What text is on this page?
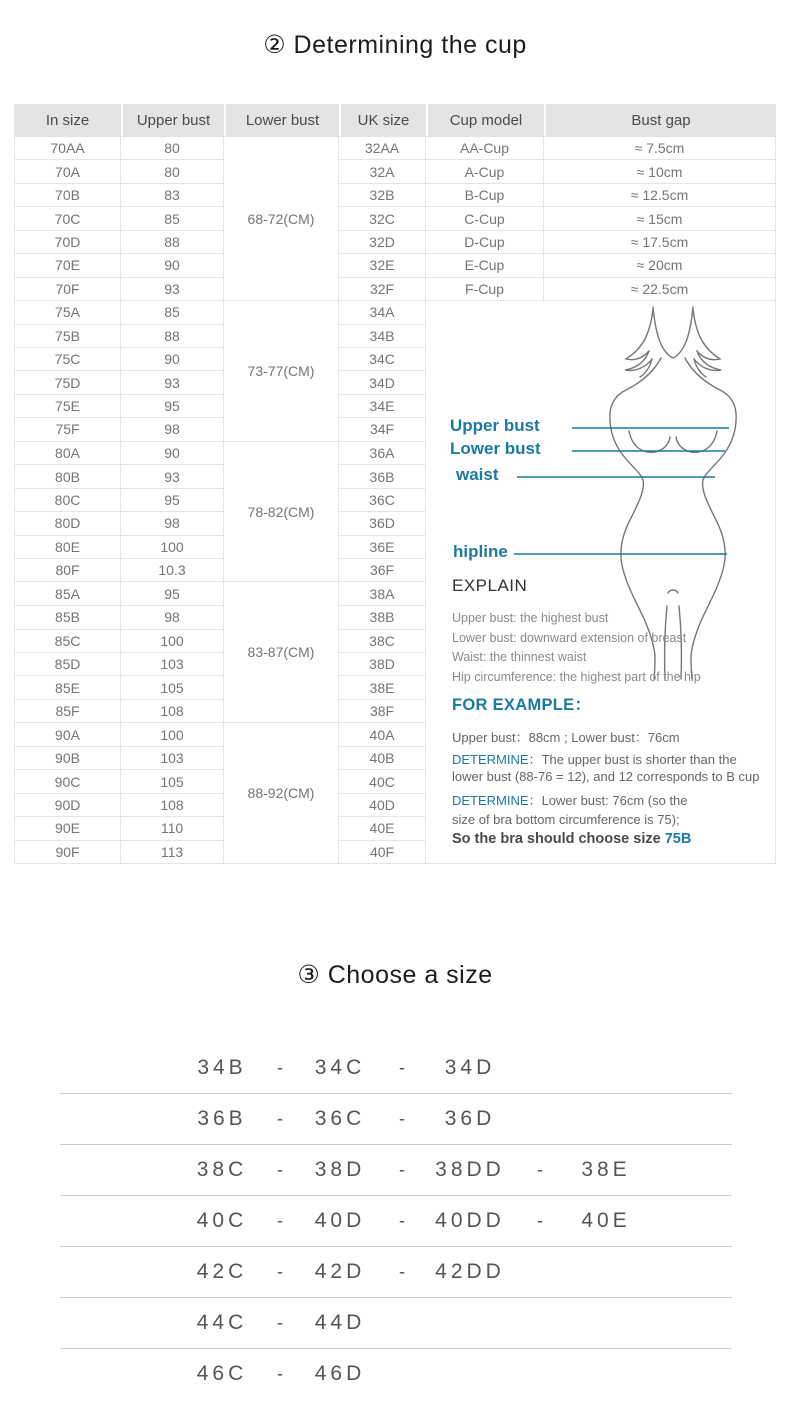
② Determining the cup
In size	Upper bust	Lower bust	UK size	Cup model	Bust gap
70AA	80	68-72(CM)	32AA	AA-Cup	≈ 7.5cm
70A	80		32A	A-Cup	≈ 10cm
70B	83		32B	B-Cup	≈ 12.5cm
70C	85		32C	C-Cup	≈ 15cm
70D	88		32D	D-Cup	≈ 17.5cm
70E	90		32E	E-Cup	≈ 20cm
70F	93		32F	F-Cup	≈ 22.5cm
75A	85	73-77(CM)	34A	
Upper bust
Lower bust
waist
hipline
EXPLAIN
Upper bust: the highest bust
Lower bust: downward extension of breast
Waist: the thinnest waist
Hip circumference: the highest part of the hip
FOR EXAMPLE：
Upper bust：88cm ; Lower bust：76cm
DETERMINE：The upper bust is shorter than the lower bust (88-76 = 12), and 12 corresponds to B cup
DETERMINE：Lower bust: 76cm (so the size of bra bottom circumference is 75);
So the bra should choose size 75B

75B	88		34B		
75C	90		34C		
75D	93		34D		
75E	95		34E		
75F	98		34F		
80A	90	78-82(CM)	36A		
80B	93		36B		
80C	95		36C		
80D	98		36D		
80E	100		36E		
80F	10.3		36F		
85A	95	83-87(CM)	38A		
85B	98		38B		
85C	100		38C		
85D	103		38D		
85E	105		38E		
85F	108		38F		
90A	100	88-92(CM)	40A		
90B	103		40B		
90C	105		40C		
90D	108		40D		
90E	110		40E		
90F	113		40F		
③ Choose a size
34B - 34C - 34D
36B - 36C - 36D
38C - 38D - 38DD - 38E
40C - 40D - 40DD - 40E
42C - 42D - 42DD
44C - 44D
46C - 46D
